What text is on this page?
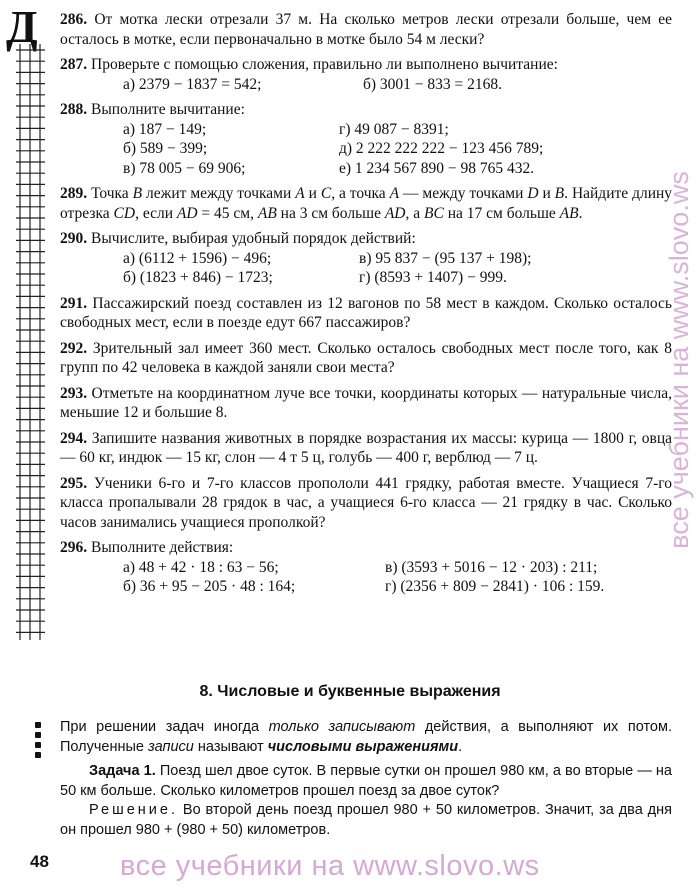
Д 286. От мотка лески отрезали 37 м. На сколько метров лески отрезали больше, чем ее осталось в мотке, если первоначально в мотке было 54 м лески?
287. Проверьте с помощью сложения, правильно ли выполнено вычитание:
а) 2379 − 1837 = 542;	б) 3001 − 833 = 2168.
288. Выполните вычитание:
а) 187 − 149;	г) 49 087 − 8391;
б) 589 − 399;	д) 2 222 222 222 − 123 456 789;
в) 78 005 − 69 906;	е) 1 234 567 890 − 98 765 432.
289. Точка B лежит между точками A и C, а точка A — между точками D и B. Найдите длину отрезка CD, если AD = 45 см, AB на 3 см больше AD, а BC на 17 см больше AB.
290. Вычислите, выбирая удобный порядок действий:
а) (6112 + 1596) − 496;	в) 95 837 − (95 137 + 198);
б) (1823 + 846) − 1723;	г) (8593 + 1407) − 999.
291. Пассажирский поезд составлен из 12 вагонов по 58 мест в каждом. Сколько осталось свободных мест, если в поезде едут 667 пассажиров?
292. Зрительный зал имеет 360 мест. Сколько осталось свободных мест после того, как 8 групп по 42 человека в каждой заняли свои места?
293. Отметьте на координатном луче все точки, координаты которых — натуральные числа, меньшие 12 и большие 8.
294. Запишите названия животных в порядке возрастания их массы: курица — 1800 г, овца — 60 кг, индюк — 15 кг, слон — 4 т 5 ц, голубь — 400 г, верблюд — 7 ц.
295. Ученики 6-го и 7-го классов пропололи 441 грядку, работая вместе. Учащиеся 7-го класса пропалывали 28 грядок в час, а учащиеся 6-го класса — 21 грядку в час. Сколько часов занимались учащиеся прополкой?
296. Выполните действия:
а) 48 + 42 · 18 : 63 − 56;	в) (3593 + 5016 − 12 · 203) : 211;
б) 36 + 95 − 205 · 48 : 164;	г) (2356 + 809 − 2841) · 106 : 159.
8. Числовые и буквенные выражения

При решении задач иногда только записывают действия, а выполняют их потом. Полученные записи называют числовыми выражениями.

Задача 1. Поезд шел двое суток. В первые сутки он прошел 980 км, а во вторые — на 50 км больше. Сколько километров прошел поезд за двое суток?

Решение. Во второй день поезд прошел 980 + 50 километров. Значит, за два дня он прошел 980 + (980 + 50) километров.

48 все учебники на www.slovo.ws
все учебники на www.slovo.ws
